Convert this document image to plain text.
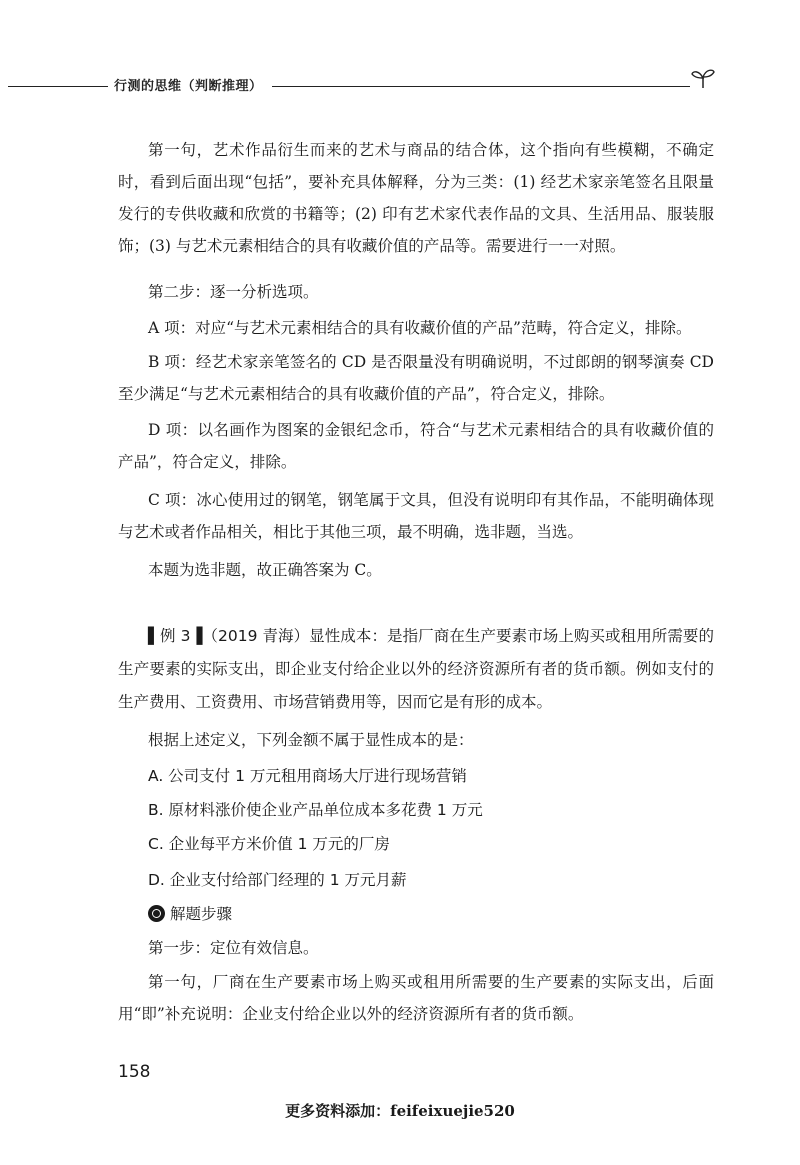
行测的思维（判断推理）
第一句，艺术作品衍生而来的艺术与商品的结合体，这个指向有些模糊，不确定时，看到后面出现“包括”，要补充具体解释，分为三类：(1) 经艺术家亲笔签名且限量发行的专供收藏和欣赏的书籍等；(2) 印有艺术家代表作品的文具、生活用品、服装服饰；(3) 与艺术元素相结合的具有收藏价值的产品等。需要进行一一对照。
第二步：逐一分析选项。
A 项：对应“与艺术元素相结合的具有收藏价值的产品”范畴，符合定义，排除。
B 项：经艺术家亲笔签名的 CD 是否限量没有明确说明，不过郎朗的钢琴演奏 CD 至少满足“与艺术元素相结合的具有收藏价值的产品”，符合定义，排除。
D 项：以名画作为图案的金银纪念币，符合“与艺术元素相结合的具有收藏价值的产品”，符合定义，排除。
C 项：冰心使用过的钢笔，钢笔属于文具，但没有说明印有其作品，不能明确体现与艺术或者作品相关，相比于其他三项，最不明确，选非题，当选。
本题为选非题，故正确答案为 C。
▌例 3▐（2019 青海）显性成本：是指厂商在生产要素市场上购买或租用所需要的生产要素的实际支出，即企业支付给企业以外的经济资源所有者的货币额。例如支付的生产费用、工资费用、市场营销费用等，因而它是有形的成本。
根据上述定义，下列金额不属于显性成本的是：
A. 公司支付 1 万元租用商场大厅进行现场营销
B. 原材料涨价使企业产品单位成本多花费 1 万元
C. 企业每平方米价值 1 万元的厂房
D. 企业支付给部门经理的 1 万元月薪
解题步骤
第一步：定位有效信息。
第一句，厂商在生产要素市场上购买或租用所需要的生产要素的实际支出，后面用“即”补充说明：企业支付给企业以外的经济资源所有者的货币额。
158
更多资料添加：feifeixuejie520
